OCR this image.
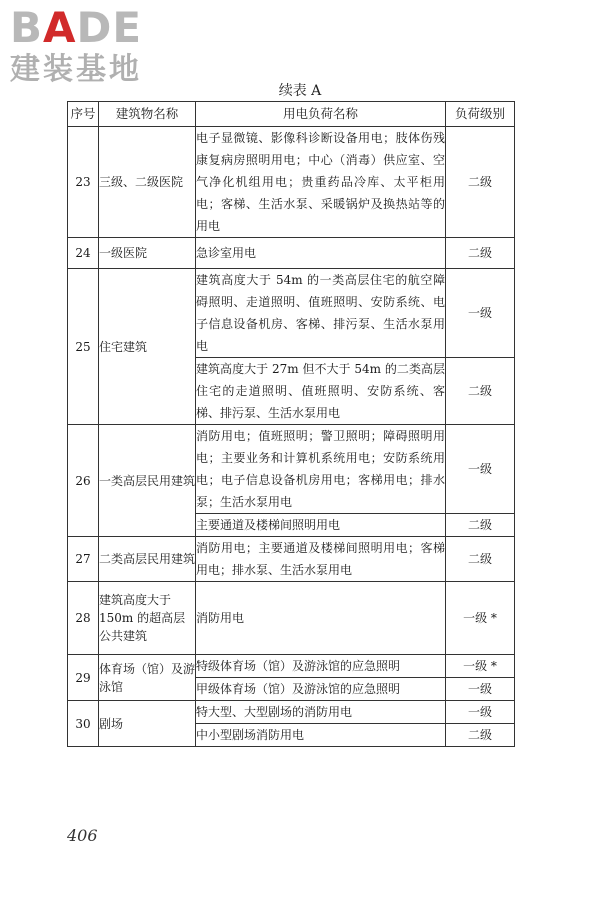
BADE
建装基地
续表 A
序号	建筑物名称	用电负荷名称	负荷级别
23	三级、二级医院	电子显微镜、影像科诊断设备用电；肢体伤残康复病房照明用电；中心（消毒）供应室、空气净化机组用电；贵重药品冷库、太平柜用电；客梯、生活水泵、采暖锅炉及换热站等的用电	二级
24	一级医院	急诊室用电	二级
25	住宅建筑	建筑高度大于 54m 的一类高层住宅的航空障碍照明、走道照明、值班照明、安防系统、电子信息设备机房、客梯、排污泵、生活水泵用电	一级
		建筑高度大于 27m 但不大于 54m 的二类高层住宅的走道照明、值班照明、安防系统、客梯、排污泵、生活水泵用电	二级
26	一类高层民用建筑	消防用电；值班照明；警卫照明；障碍照明用电；主要业务和计算机系统用电；安防系统用电；电子信息设备机房用电；客梯用电；排水泵；生活水泵用电	一级
		主要通道及楼梯间照明用电	二级
27	二类高层民用建筑	消防用电；主要通道及楼梯间照明用电；客梯用电；排水泵、生活水泵用电	二级
28	建筑高度大于150m 的超高层公共建筑	消防用电	一级 *
29	体育场（馆）及游泳馆	特级体育场（馆）及游泳馆的应急照明	一级 *
		甲级体育场（馆）及游泳馆的应急照明	一级
30	剧场	特大型、大型剧场的消防用电	一级
		中小型剧场消防用电	二级
406
